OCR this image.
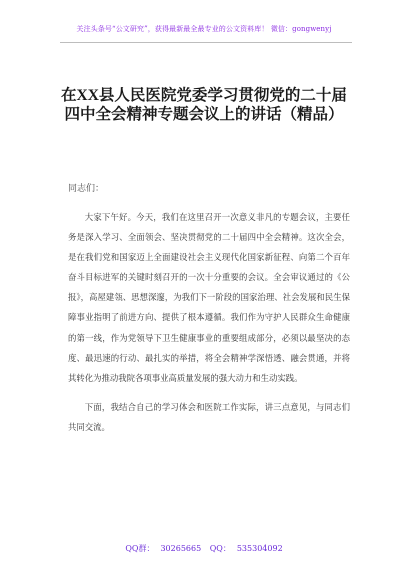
关注头条号“公文研究”，获得最新最全最专业的公文资料库！ 微信：gongwenyj
在XX县人民医院党委学习贯彻党的二十届四中全会精神专题会议上的讲话（精品）
同志们：

大家下午好。今天，我们在这里召开一次意义非凡的专题会议，主要任务是深入学习、全面领会、坚决贯彻党的二十届四中全会精神。这次全会，是在我们党和国家迈上全面建设社会主义现代化国家新征程、向第二个百年奋斗目标进军的关键时刻召开的一次十分重要的会议。全会审议通过的《公报》，高屋建瓴、思想深邃，为我们下一阶段的国家治理、社会发展和民生保障事业指明了前进方向、提供了根本遵循。我们作为守护人民群众生命健康的第一线，作为党领导下卫生健康事业的重要组成部分，必须以最坚决的态度、最迅速的行动、最扎实的举措，将全会精神学深悟透、融会贯通，并将其转化为推动我院各项事业高质量发展的强大动力和生动实践。

下面，我结合自己的学习体会和医院工作实际，讲三点意见，与同志们共同交流。

QQ群： 30265665 QQ： 535304092
